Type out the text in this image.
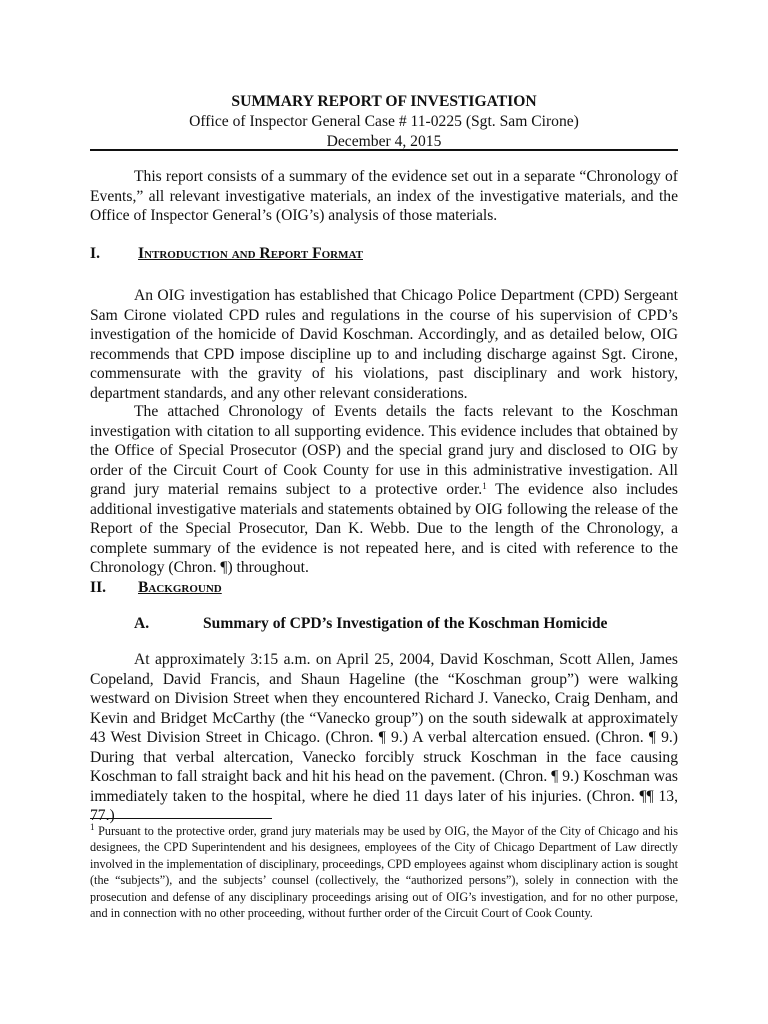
SUMMARY REPORT OF INVESTIGATION
Office of Inspector General Case # 11-0225 (Sgt. Sam Cirone)
December 4, 2015

This report consists of a summary of the evidence set out in a separate “Chronology of Events,” all relevant investigative materials, an index of the investigative materials, and the Office of Inspector General’s (OIG’s) analysis of those materials.

I. Introduction and Report Format

An OIG investigation has established that Chicago Police Department (CPD) Sergeant Sam Cirone violated CPD rules and regulations in the course of his supervision of CPD’s investigation of the homicide of David Koschman. Accordingly, and as detailed below, OIG recommends that CPD impose discipline up to and including discharge against Sgt. Cirone, commensurate with the gravity of his violations, past disciplinary and work history, department standards, and any other relevant considerations.

The attached Chronology of Events details the facts relevant to the Koschman investigation with citation to all supporting evidence. This evidence includes that obtained by the Office of Special Prosecutor (OSP) and the special grand jury and disclosed to OIG by order of the Circuit Court of Cook County for use in this administrative investigation. All grand jury material remains subject to a protective order.$^1$ The evidence also includes additional investigative materials and statements obtained by OIG following the release of the Report of the Special Prosecutor, Dan K. Webb. Due to the length of the Chronology, a complete summary of the evidence is not repeated here, and is cited with reference to the Chronology (Chron. ¶) throughout.

II. Background
A.	Summary of CPD’s Investigation of the Koschman Homicide

At approximately 3:15 a.m. on April 25, 2004, David Koschman, Scott Allen, James Copeland, David Francis, and Shaun Hageline (the “Koschman group”) were walking westward on Division Street when they encountered Richard J. Vanecko, Craig Denham, and Kevin and Bridget McCarthy (the “Vanecko group”) on the south sidewalk at approximately 43 West Division Street in Chicago. (Chron. ¶ 9.) A verbal altercation ensued. (Chron. ¶ 9.) During that verbal altercation, Vanecko forcibly struck Koschman in the face causing Koschman to fall straight back and hit his head on the pavement. (Chron. ¶ 9.) Koschman was immediately taken to the hospital, where he died 11 days later of his injuries. (Chron. ¶¶ 13, 77.)

$^1$ Pursuant to the protective order, grand jury materials may be used by OIG, the Mayor of the City of Chicago and his designees, the CPD Superintendent and his designees, employees of the City of Chicago Department of Law directly involved in the implementation of disciplinary, proceedings, CPD employees against whom disciplinary action is sought (the “subjects”), and the subjects’ counsel (collectively, the “authorized persons”), solely in connection with the prosecution and defense of any disciplinary proceedings arising out of OIG’s investigation, and for no other purpose, and in connection with no other proceeding, without further order of the Circuit Court of Cook County.
